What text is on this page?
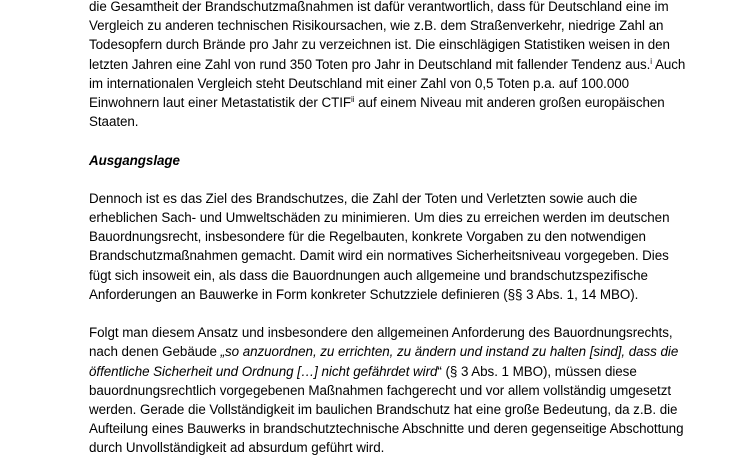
die Gesamtheit der Brandschutzmaßnahmen ist dafür verantwortlich, dass für Deutschland eine im
Vergleich zu anderen technischen Risikoursachen, wie z.B. dem Straßenverkehr, niedrige Zahl an
Todesopfern durch Brände pro Jahr zu verzeichnen ist. Die einschlägigen Statistiken weisen in den
letzten Jahren eine Zahl von rund 350 Toten pro Jahr in Deutschland mit fallender Tendenz aus.$^i$ Auch
im internationalen Vergleich steht Deutschland mit einer Zahl von 0,5 Toten p.a. auf 100.000
Einwohnern laut einer Metastatistik der CTIF$^{ii}$ auf einem Niveau mit anderen großen europäischen
Staaten.
Ausgangslage
Dennoch ist es das Ziel des Brandschutzes, die Zahl der Toten und Verletzten sowie auch die
erheblichen Sach- und Umweltschäden zu minimieren. Um dies zu erreichen werden im deutschen
Bauordnungsrecht, insbesondere für die Regelbauten, konkrete Vorgaben zu den notwendigen
Brandschutzmaßnahmen gemacht. Damit wird ein normatives Sicherheitsniveau vorgegeben. Dies
fügt sich insoweit ein, als dass die Bauordnungen auch allgemeine und brandschutzspezifische
Anforderungen an Bauwerke in Form konkreter Schutzziele definieren (§§ 3 Abs. 1, 14 MBO).
Folgt man diesem Ansatz und insbesondere den allgemeinen Anforderung des Bauordnungsrechts,
nach denen Gebäude „so anzuordnen, zu errichten, zu ändern und instand zu halten [sind], dass die
öffentliche Sicherheit und Ordnung […] nicht gefährdet wird“ (§ 3 Abs. 1 MBO), müssen diese
bauordnungsrechtlich vorgegebenen Maßnahmen fachgerecht und vor allem vollständig umgesetzt
werden. Gerade die Vollständigkeit im baulichen Brandschutz hat eine große Bedeutung, da z.B. die
Aufteilung eines Bauwerks in brandschutztechnische Abschnitte und deren gegenseitige Abschottung
durch Unvollständigkeit ad absurdum geführt wird.
